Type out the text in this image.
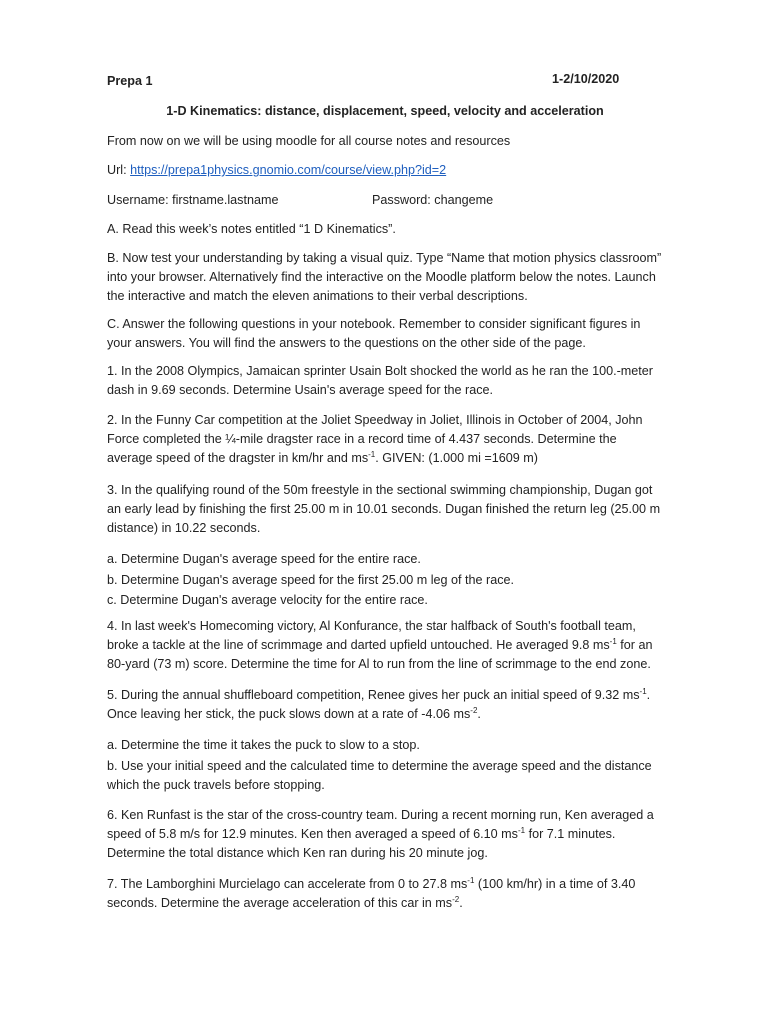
Prepa 1	1-2/10/2020
1-D Kinematics: distance, displacement, speed, velocity and acceleration
From now on we will be using moodle for all course notes and resources
Url: https://prepa1physics.gnomio.com/course/view.php?id=2
Username: firstname.lastname	Password: changeme
A. Read this week’s notes entitled “1 D Kinematics”.
B. Now test your understanding by taking a visual quiz. Type “Name that motion physics classroom” into your browser. Alternatively find the interactive on the Moodle platform below the notes. Launch the interactive and match the eleven animations to their verbal descriptions.
C. Answer the following questions in your notebook. Remember to consider significant figures in your answers. You will find the answers to the questions on the other side of the page.
1. In the 2008 Olympics, Jamaican sprinter Usain Bolt shocked the world as he ran the 100.-meter dash in 9.69 seconds. Determine Usain's average speed for the race.
2. In the Funny Car competition at the Joliet Speedway in Joliet, Illinois in October of 2004, John Force completed the ¼-mile dragster race in a record time of 4.437 seconds. Determine the average speed of the dragster in km/hr and $ms^{-1}$. GIVEN: (1.000 mi =1609 m)
3. In the qualifying round of the 50m freestyle in the sectional swimming championship, Dugan got an early lead by finishing the first 25.00 m in 10.01 seconds. Dugan finished the return leg (25.00 m distance) in 10.22 seconds.
a. Determine Dugan's average speed for the entire race.
b. Determine Dugan's average speed for the first 25.00 m leg of the race.
c. Determine Dugan's average velocity for the entire race.
4. In last week's Homecoming victory, Al Konfurance, the star halfback of South's football team, broke a tackle at the line of scrimmage and darted upfield untouched. He averaged 9.8 $ms^{-1}$ for an 80-yard (73 m) score. Determine the time for Al to run from the line of scrimmage to the end zone.
5. During the annual shuffleboard competition, Renee gives her puck an initial speed of 9.32 $ms^{-1}$. Once leaving her stick, the puck slows down at a rate of -4.06 $ms^{-2}$.
a. Determine the time it takes the puck to slow to a stop.
b. Use your initial speed and the calculated time to determine the average speed and the distance which the puck travels before stopping.
6. Ken Runfast is the star of the cross-country team. During a recent morning run, Ken averaged a speed of 5.8 m/s for 12.9 minutes. Ken then averaged a speed of 6.10 $ms^{-1}$ for 7.1 minutes. Determine the total distance which Ken ran during his 20 minute jog.
7. The Lamborghini Murcielago can accelerate from 0 to 27.8 $ms^{-1}$ (100 km/hr) in a time of 3.40 seconds. Determine the average acceleration of this car in $ms^{-2}$.
